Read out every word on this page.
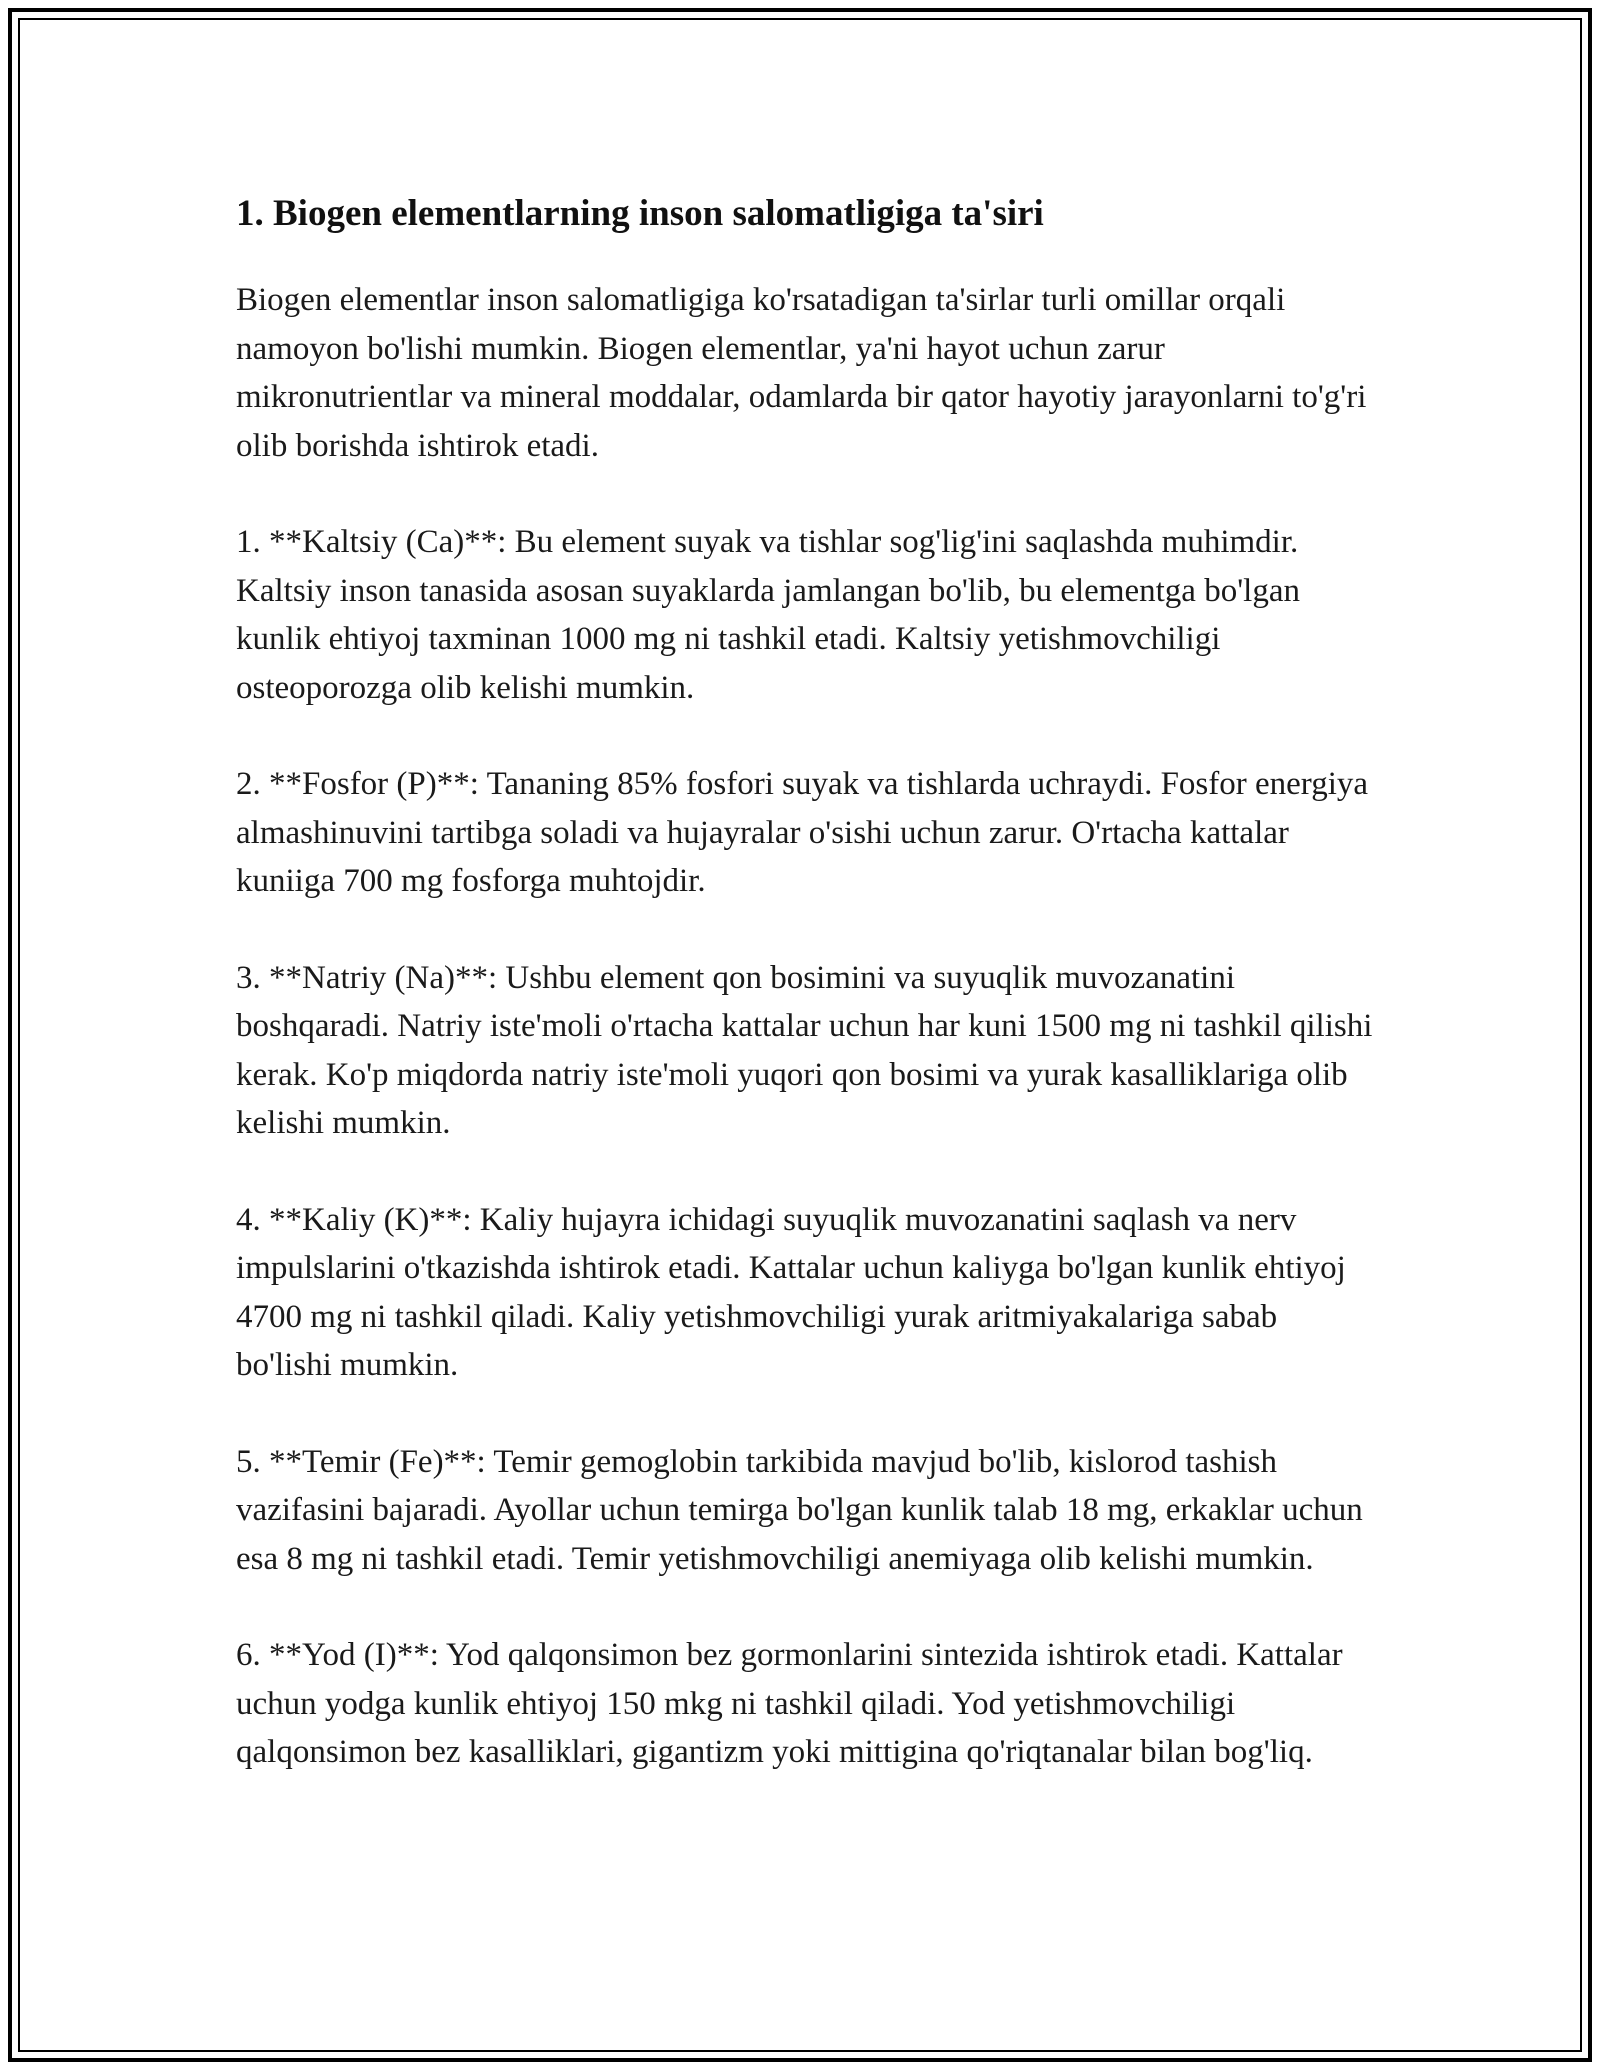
1. Biogen elementlarning inson salomatligiga ta'siri

Biogen elementlar inson salomatligiga ko'rsatadigan ta'sirlar turli omillar orqali namoyon bo'lishi mumkin. Biogen elementlar, ya'ni hayot uchun zarur mikronutrientlar va mineral moddalar, odamlarda bir qator hayotiy jarayonlarni to'g'ri olib borishda ishtirok etadi.

1. **Kaltsiy (Ca)**: Bu element suyak va tishlar sog'lig'ini saqlashda muhimdir. Kaltsiy inson tanasida asosan suyaklarda jamlangan bo'lib, bu elementga bo'lgan kunlik ehtiyoj taxminan 1000 mg ni tashkil etadi. Kaltsiy yetishmovchiligi osteoporozga olib kelishi mumkin.

2. **Fosfor (P)**: Tananing 85% fosfori suyak va tishlarda uchraydi. Fosfor energiya almashinuvini tartibga soladi va hujayralar o'sishi uchun zarur. O'rtacha kattalar kuniiga 700 mg fosforga muhtojdir.

3. **Natriy (Na)**: Ushbu element qon bosimini va suyuqlik muvozanatini boshqaradi. Natriy iste'moli o'rtacha kattalar uchun har kuni 1500 mg ni tashkil qilishi kerak. Ko'p miqdorda natriy iste'moli yuqori qon bosimi va yurak kasalliklariga olib kelishi mumkin.

4. **Kaliy (K)**: Kaliy hujayra ichidagi suyuqlik muvozanatini saqlash va nerv impulslarini o'tkazishda ishtirok etadi. Kattalar uchun kaliyga bo'lgan kunlik ehtiyoj 4700 mg ni tashkil qiladi. Kaliy yetishmovchiligi yurak aritmiyakalariga sabab bo'lishi mumkin.

5. **Temir (Fe)**: Temir gemoglobin tarkibida mavjud bo'lib, kislorod tashish vazifasini bajaradi. Ayollar uchun temirga bo'lgan kunlik talab 18 mg, erkaklar uchun esa 8 mg ni tashkil etadi. Temir yetishmovchiligi anemiyaga olib kelishi mumkin.

6. **Yod (I)**: Yod qalqonsimon bez gormonlarini sintezida ishtirok etadi. Kattalar uchun yodga kunlik ehtiyoj 150 mkg ni tashkil qiladi. Yod yetishmovchiligi qalqonsimon bez kasalliklari, gigantizm yoki mittigina qo'riqtanalar bilan bog'liq.
